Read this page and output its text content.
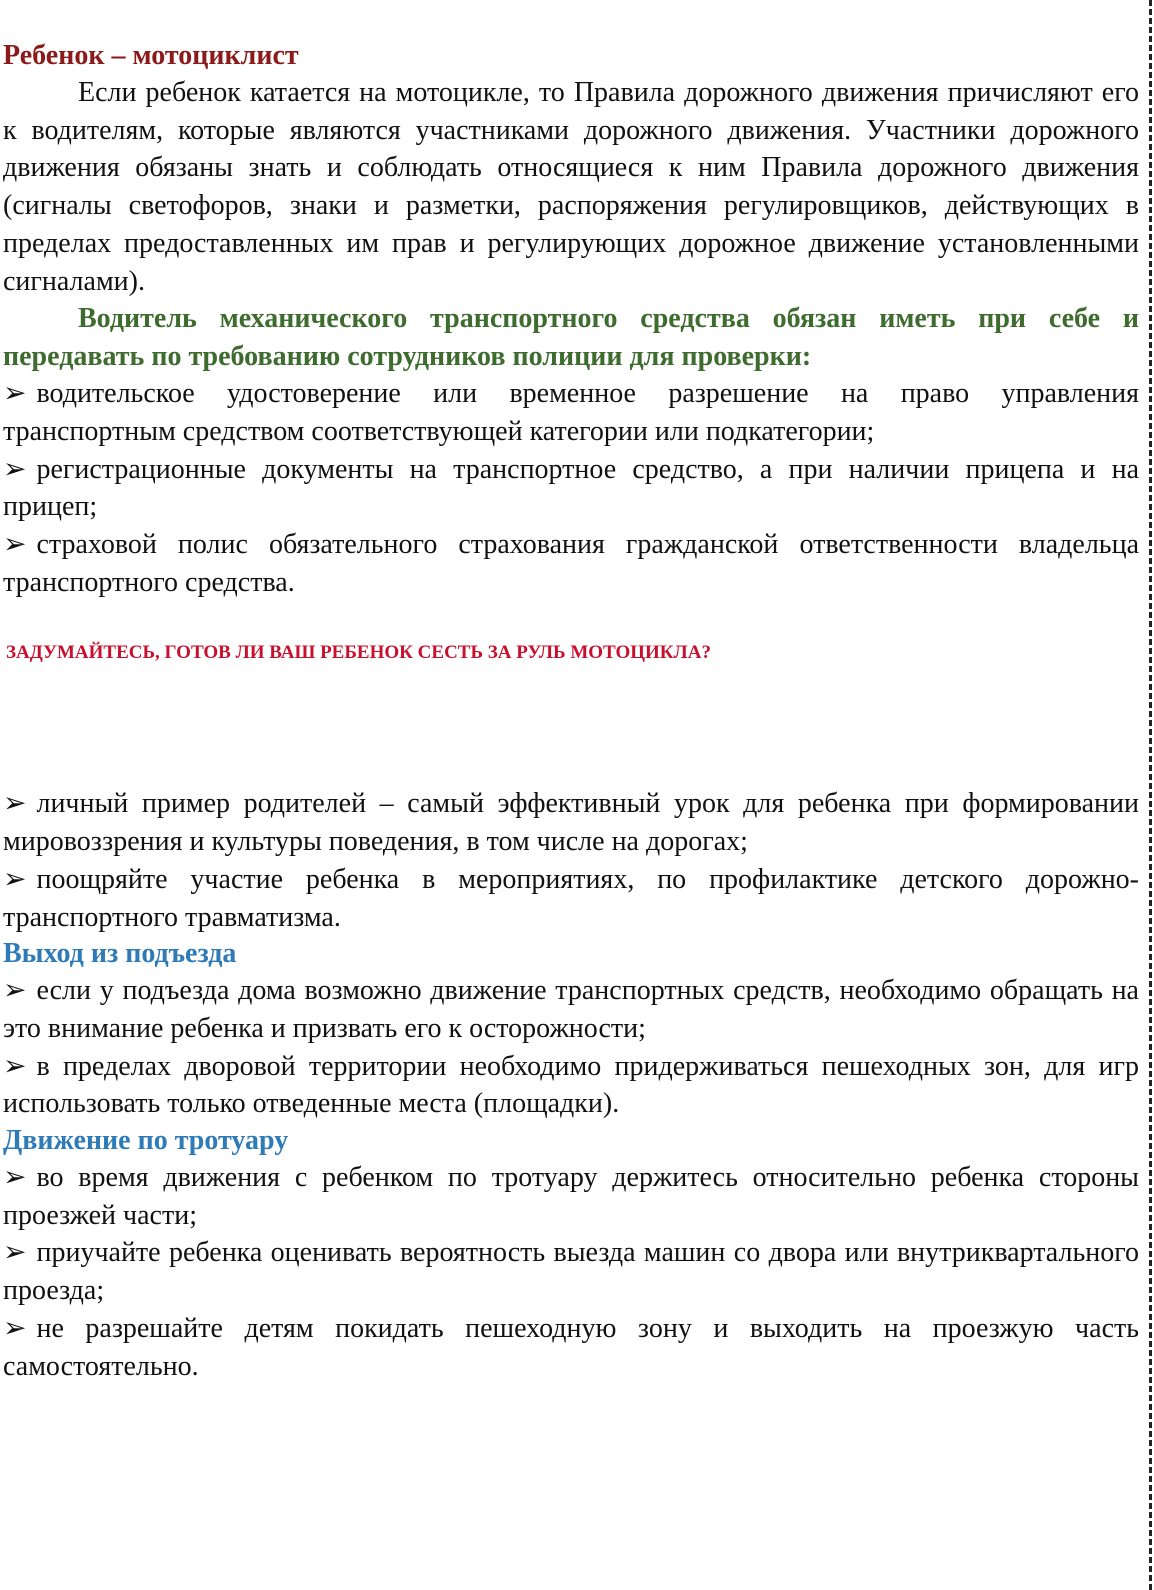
Ребенок – мотоциклист

Если ребенок катается на мотоцикле, то Правила дорожного движения причисляют его к водителям, которые являются участниками дорожного движения. Участники дорожного движения обязаны знать и соблюдать относящиеся к ним Правила дорожного движения (сигналы светофоров, знаки и разметки, распоряжения регулировщиков, действующих в пределах предоставленных им прав и регулирующих дорожное движение установленными сигналами).

Водитель механического транспортного средства обязан иметь при себе и передавать по требованию сотрудников полиции для проверки:

➢ водительское удостоверение или временное разрешение на право управления транспортным средством соответствующей категории или подкатегории;

➢ регистрационные документы на транспортное средство, а при наличии прицепа и на прицеп;

➢ страховой полис обязательного страхования гражданской ответственности владельца транспортного средства.

ЗАДУМАЙТЕСЬ, ГОТОВ ЛИ ВАШ РЕБЕНОК СЕСТЬ ЗА РУЛЬ МОТОЦИКЛА?

➢ личный пример родителей – самый эффективный урок для ребенка при формировании мировоззрения и культуры поведения, в том числе на дорогах;

➢ поощряйте участие ребенка в мероприятиях, по профилактике детского дорожно-транспортного травматизма.

Выход из подъезда

➢ если у подъезда дома возможно движение транспортных средств, необходимо обращать на это внимание ребенка и призвать его к осторожности;

➢ в пределах дворовой территории необходимо придерживаться пешеходных зон, для игр использовать только отведенные места (площадки).

Движение по тротуару

➢ во время движения с ребенком по тротуару держитесь относительно ребенка стороны проезжей части;

➢ приучайте ребенка оценивать вероятность выезда машин со двора или внутриквартального проезда;

➢ не разрешайте детям покидать пешеходную зону и выходить на проезжую часть самостоятельно.
